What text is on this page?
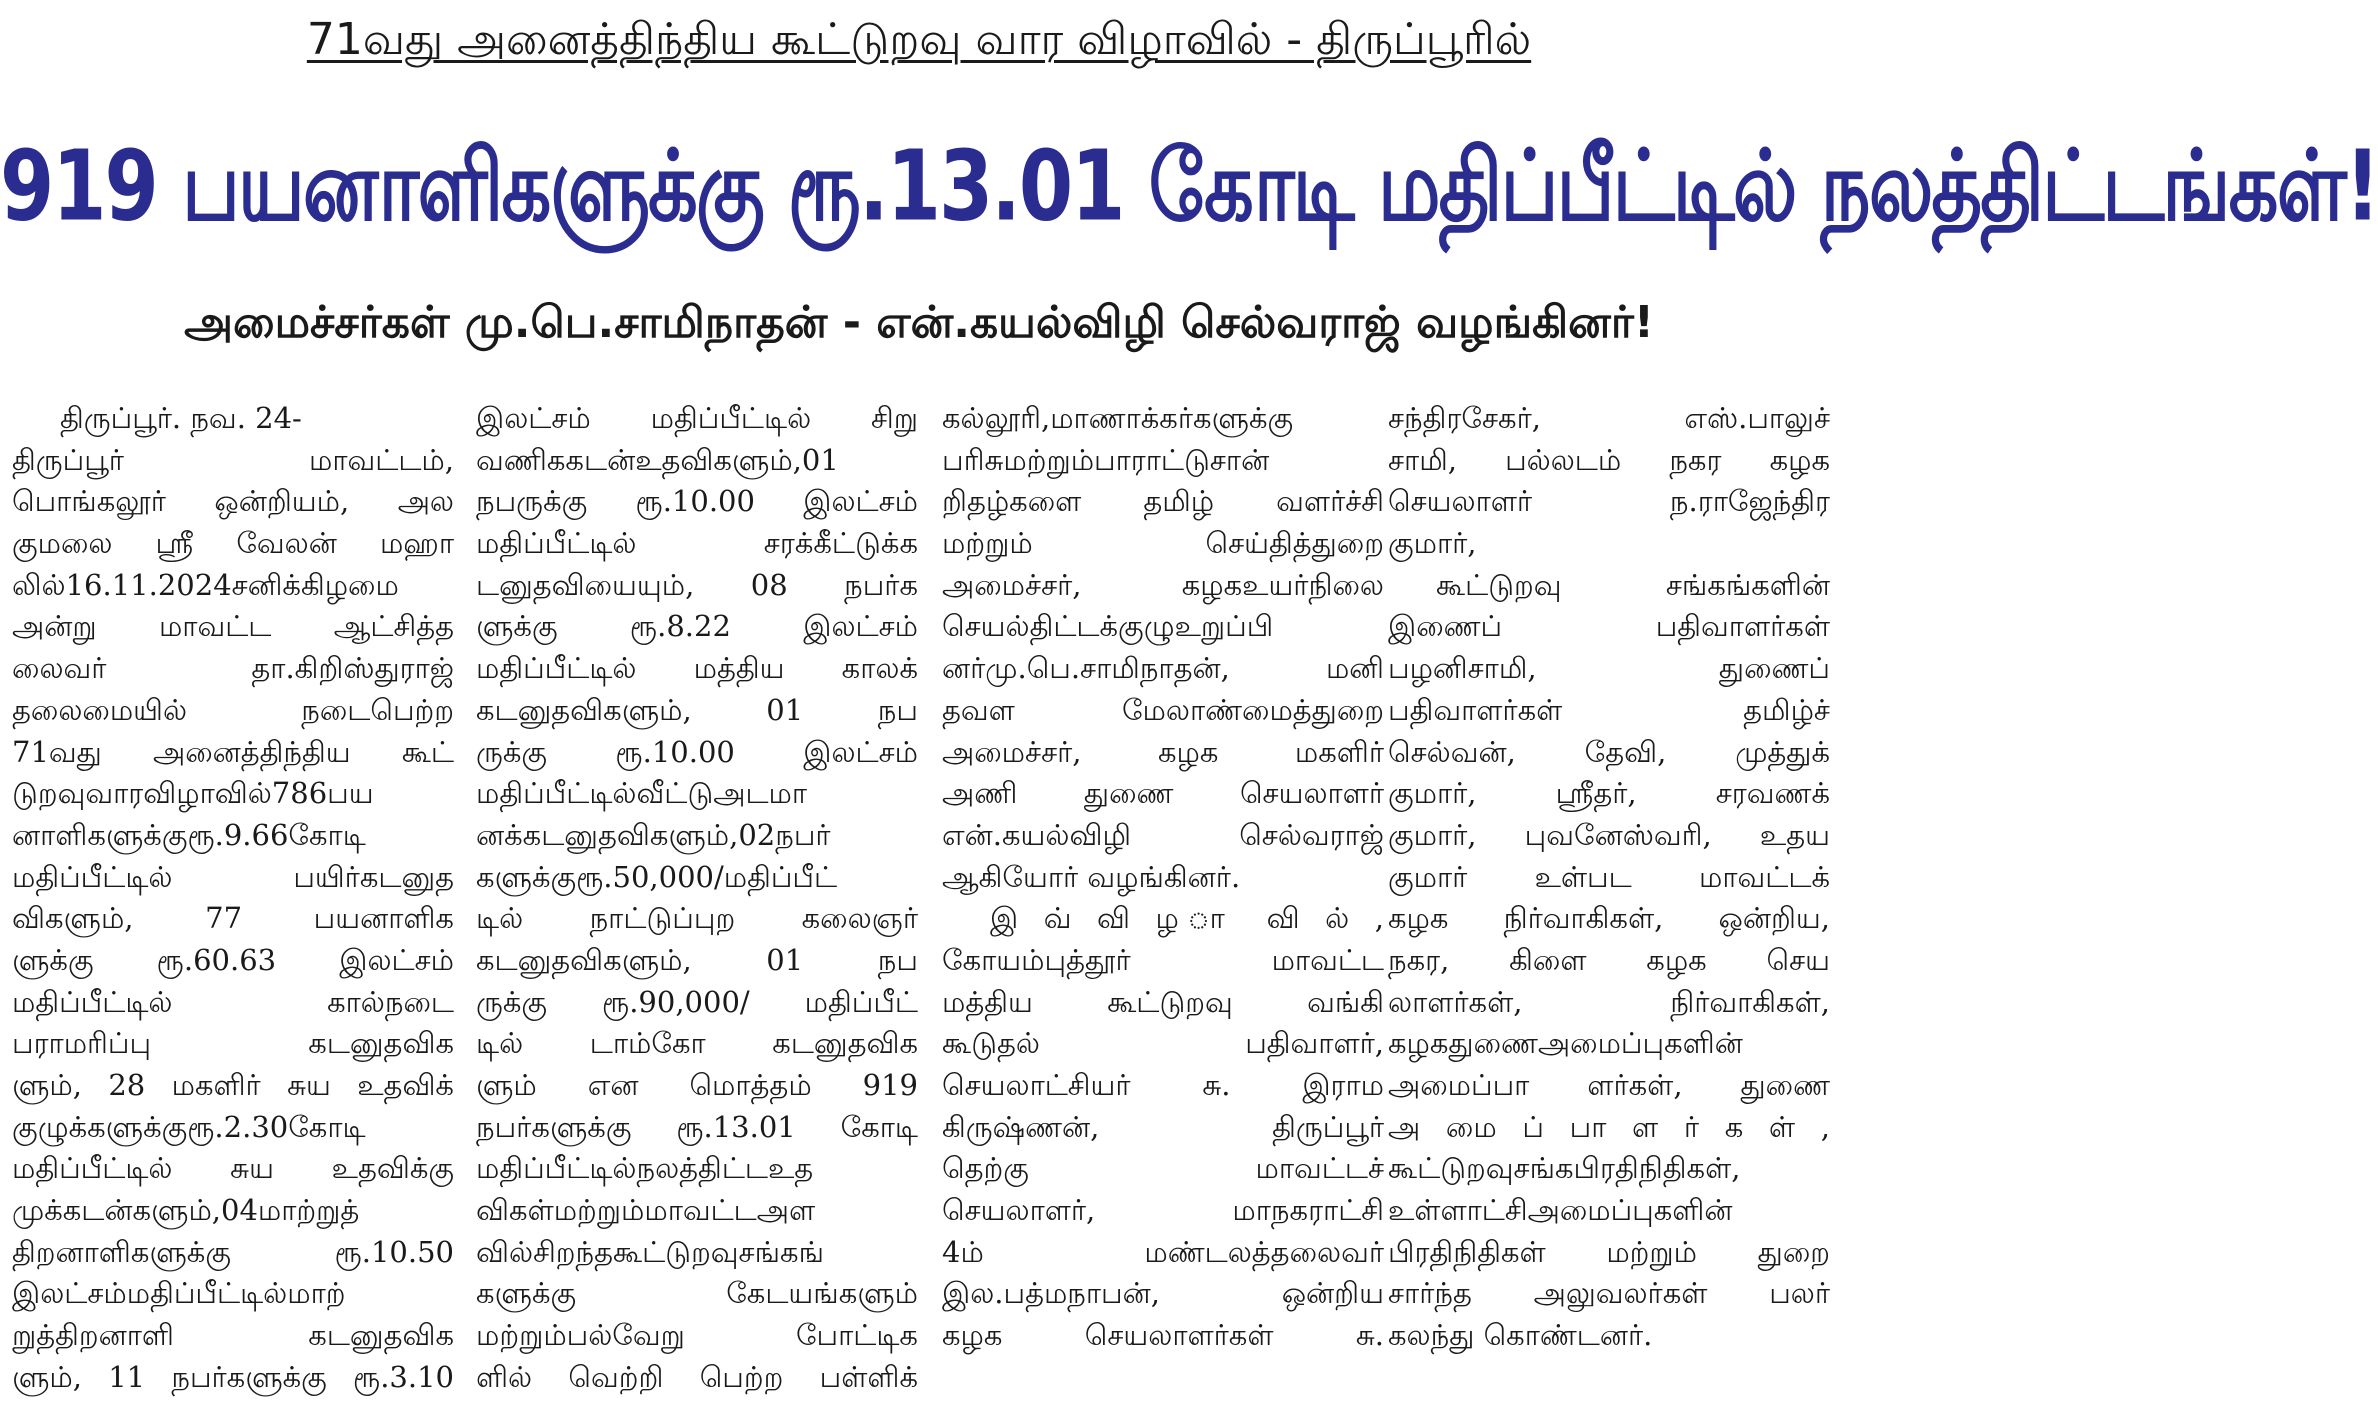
71வது அனைத்திந்திய கூட்டுறவு வார விழாவில் - திருப்பூரில்
919 பயனாளிகளுக்கு ரூ.13.01 கோடி மதிப்பீட்டில் நலத்திட்டங்கள்!
அமைச்சர்கள் மு.பெ.சாமிநாதன் - என்.கயல்விழி செல்வராஜ் வழங்கினர்!
திருப்பூர். நவ. 24-
திருப்பூர் மாவட்டம்,
பொங்கலூர் ஒன்றியம், அல
குமலை ஸ்ரீ வேலன் மஹா
லில்16.11.2024சனிக்கிழமை
அன்று மாவட்ட ஆட்சித்த
லைவர் தா.கிறிஸ்துராஜ்
தலைமையில் நடைபெற்ற
71வது அனைத்திந்திய கூட்
டுறவுவாரவிழாவில்786பய
னாளிகளுக்குரூ.9.66கோடி
மதிப்பீட்டில் பயிர்கடனுத
விகளும், 77 பயனாளிக
ளுக்கு ரூ.60.63 இலட்சம்
மதிப்பீட்டில் கால்நடை
பராமரிப்பு கடனுதவிக
ளும், 28 மகளிர் சுய உதவிக்
குழுக்களுக்குரூ.2.30கோடி
மதிப்பீட்டில் சுய உதவிக்கு
முக்கடன்களும்,04மாற்றுத்
திறனாளிகளுக்கு ரூ.10.50
இலட்சம்மதிப்பீட்டில்மாற்
றுத்திறனாளி கடனுதவிக
ளும், 11 நபர்களுக்கு ரூ.3.10
இலட்சம் மதிப்பீட்டில் சிறு
வணிககடன்உதவிகளும்,01
நபருக்கு ரூ.10.00 இலட்சம்
மதிப்பீட்டில் சரக்கீட்டுக்க
டனுதவியையும், 08 நபர்க
ளுக்கு ரூ.8.22 இலட்சம்
மதிப்பீட்டில் மத்திய காலக்
கடனுதவிகளும், 01 நப
ருக்கு ரூ.10.00 இலட்சம்
மதிப்பீட்டில்வீட்டுஅடமா
னக்கடனுதவிகளும்,02நபர்
களுக்குரூ.50,000/மதிப்பீட்
டில் நாட்டுப்புற கலைஞர்
கடனுதவிகளும், 01 நப
ருக்கு ரூ.90,000/ மதிப்பீட்
டில் டாம்கோ கடனுதவிக
ளும் என மொத்தம் 919
நபர்களுக்கு ரூ.13.01 கோடி
மதிப்பீட்டில்நலத்திட்டஉத
விகள்மற்றும்மாவட்டஅள
வில்சிறந்தகூட்டுறவுசங்கங்
களுக்கு கேடயங்களும்
மற்றும்பல்வேறு போட்டிக
ளில் வெற்றி பெற்ற பள்ளிக்
கல்லூரி,மாணாக்கர்களுக்கு
பரிசுமற்றும்பாராட்டுசான்
றிதழ்களை தமிழ் வளர்ச்சி
மற்றும் செய்தித்துறை
அமைச்சர், கழகஉயர்நிலை
செயல்திட்டக்குழுஉறுப்பி
னர்மு.பெ.சாமிநாதன், மனி
தவள மேலாண்மைத்துறை
அமைச்சர், கழக மகளிர்
அணி துணை செயலாளர்
என்.கயல்விழி செல்வராஜ்
ஆகியோர் வழங்கினர்.
இ வ் வி ழ ா வி ல் ,
கோயம்புத்தூர் மாவட்ட
மத்திய கூட்டுறவு வங்கி
கூடுதல் பதிவாளர்,
செயலாட்சியர் சு. இராம
கிருஷ்ணன், திருப்பூர்
தெற்கு மாவட்டச்
செயலாளர், மாநகராட்சி
4ம் மண்டலத்தலைவர்
இல.பத்மநாபன், ஒன்றிய
கழக செயலாளர்கள் சு.
சந்திரசேகர், எஸ்.பாலுச்
சாமி, பல்லடம் நகர கழக
செயலாளர் ந.ராஜேந்திர
குமார்,
கூட்டுறவு சங்கங்களின்
இணைப் பதிவாளர்கள்
பழனிசாமி, துணைப்
பதிவாளர்கள் தமிழ்ச்
செல்வன், தேவி, முத்துக்
குமார், ஸ்ரீதர், சரவணக்
குமார், புவனேஸ்வரி, உதய
குமார் உள்பட மாவட்டக்
கழக நிர்வாகிகள், ஒன்றிய,
நகர, கிளை கழக செய
லாளர்கள், நிர்வாகிகள்,
கழகதுணைஅமைப்புகளின்
அமைப்பா ளர்கள், துணை
அ மை ப் பா ள ர் க ள் ,
கூட்டுறவுசங்கபிரதிநிதிகள்,
உள்ளாட்சிஅமைப்புகளின்
பிரதிநிதிகள் மற்றும் துறை
சார்ந்த அலுவலர்கள் பலர்
கலந்து கொண்டனர்.
